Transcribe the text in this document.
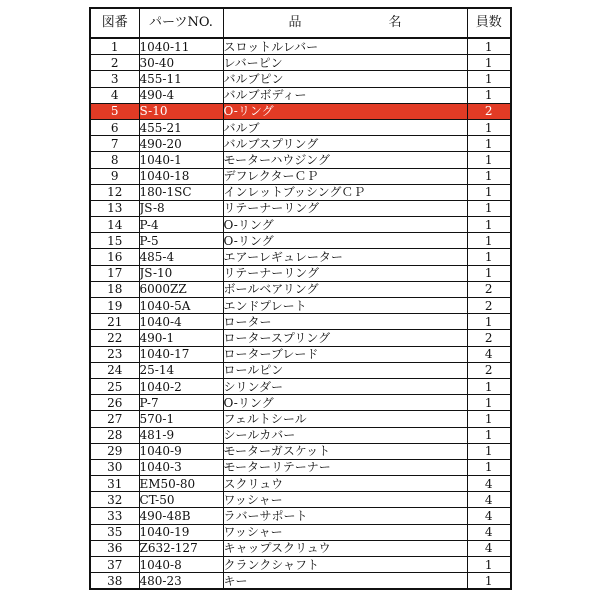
図番	パーツNO.	品 名	員数
1	1040-11	スロットルレバー	1
2	30-40	レバーピン	1
3	455-11	バルブピン	1
4	490-4	バルブボディー	1
5	S-10	O-リング	2
6	455-21	バルブ	1
7	490-20	バルブスプリング	1
8	1040-1	モーターハウジング	1
9	1040-18	デフレクターＣＰ	1
12	180-1SC	インレットブッシングＣＰ	1
13	JS-8	リテーナーリング	1
14	P-4	O-リング	1
15	P-5	O-リング	1
16	485-4	エアーレギュレーター	1
17	JS-10	リテーナーリング	1
18	6000ZZ	ボールベアリング	2
19	1040-5A	エンドプレート	2
21	1040-4	ローター	1
22	490-1	ロータースプリング	2
23	1040-17	ローターブレード	4
24	25-14	ロールピン	2
25	1040-2	シリンダー	1
26	P-7	O-リング	1
27	570-1	フェルトシール	1
28	481-9	シールカバー	1
29	1040-9	モーターガスケット	1
30	1040-3	モーターリテーナー	1
31	EM50-80	スクリュウ	4
32	CT-50	ワッシャー	4
33	490-48B	ラバーサポート	4
35	1040-19	ワッシャー	4
36	Z632-127	キャップスクリュウ	4
37	1040-8	クランクシャフト	1
38	480-23	キー	1
